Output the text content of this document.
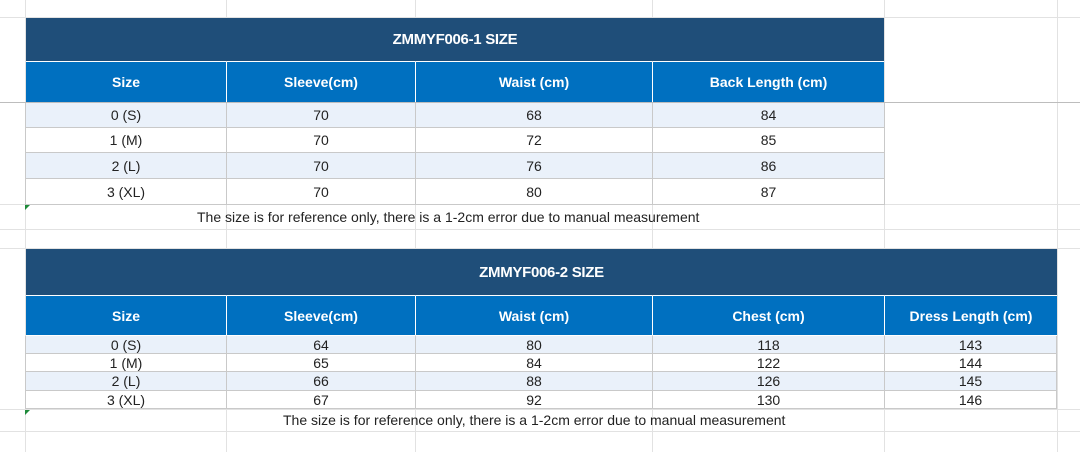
ZMMYF006-1 SIZE
Size	Sleeve(cm)	Waist (cm)	Back Length (cm)
0 (S)	70	68	84
1 (M)	70	72	85
2 (L)	70	76	86
3 (XL)	70	80	87
The size is for reference only, there is a 1-2cm error due to manual measurement
ZMMYF006-2 SIZE
Size	Sleeve(cm)	Waist (cm)	Chest (cm)	Dress Length (cm)
0 (S)	64	80	118	143
1 (M)	65	84	122	144
2 (L)	66	88	126	145
3 (XL)	67	92	130	146
The size is for reference only, there is a 1-2cm error due to manual measurement
